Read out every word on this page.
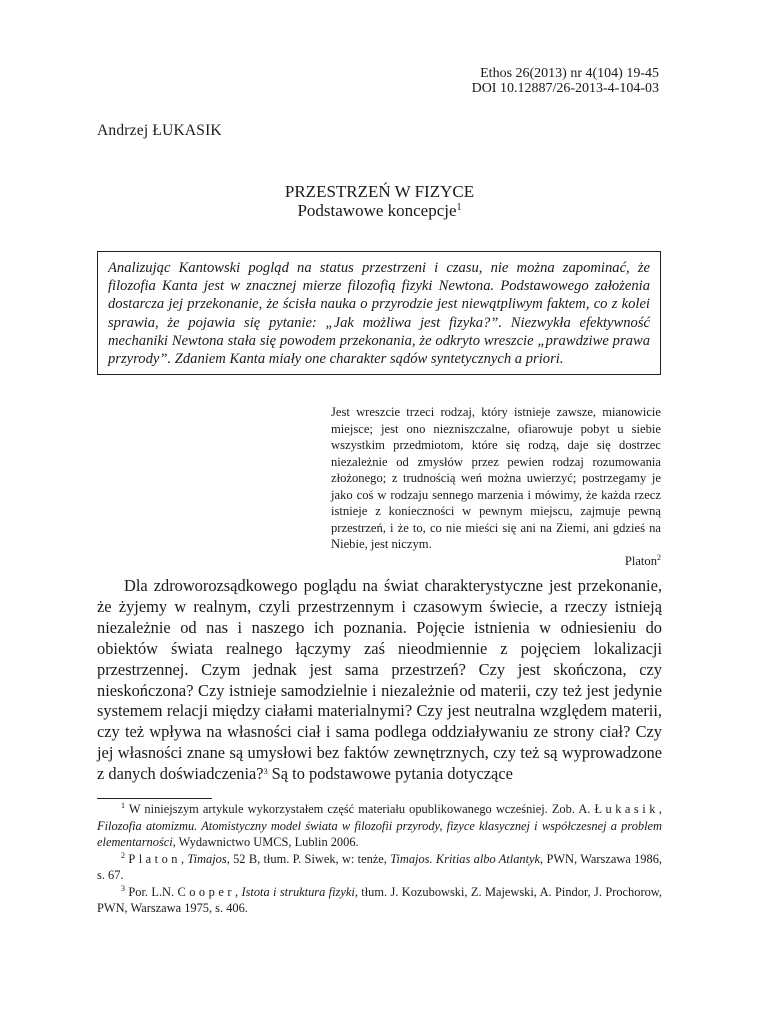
Ethos 26(2013) nr 4(104) 19-45
DOI 10.12887/26-2013-4-104-03
Andrzej ŁUKASIK
PRZESTRZEŃ W FIZYCE
Podstawowe koncepcje$^1$
Analizując Kantowski pogląd na status przestrzeni i czasu, nie można zapominać, że filozofia Kanta jest w znacznej mierze filozofią fizyki Newtona. Podstawowego założenia dostarcza jej przekonanie, że ścisła nauka o przyrodzie jest niewątpliwym faktem, co z kolei sprawia, że pojawia się pytanie: „Jak możliwa jest fizyka?”. Niezwykła efektywność mechaniki Newtona stała się powodem przekonania, że odkryto wreszcie „prawdziwe prawa przyrody”. Zdaniem Kanta miały one charakter sądów syntetycznych a priori.
Jest wreszcie trzeci rodzaj, który istnieje zawsze, mianowicie miejsce; jest ono niezniszczalne, ofiarowuje pobyt u siebie wszystkim przedmiotom, które się rodzą, daje się dostrzec niezależnie od zmysłów przez pewien rodzaj rozumowania złożonego; z trudnością weń można uwierzyć; postrzegamy je jako coś w rodzaju sennego marzenia i mówimy, że każda rzecz istnieje z konieczności w pewnym miejscu, zajmuje pewną przestrzeń, i że to, co nie mieści się ani na Ziemi, ani gdzieś na Niebie, jest niczym.
Platon$^2$

Dla zdroworozsądkowego poglądu na świat charakterystyczne jest przekonanie, że żyjemy w realnym, czyli przestrzennym i czasowym świecie, a rzeczy istnieją niezależnie od nas i naszego ich poznania. Pojęcie istnienia w odniesieniu do obiektów świata realnego łączymy zaś nieodmiennie z pojęciem lokalizacji przestrzennej. Czym jednak jest sama przestrzeń? Czy jest skończona, czy nieskończona? Czy istnieje samodzielnie i niezależnie od materii, czy też jest jedynie systemem relacji między ciałami materialnymi? Czy jest neutralna względem materii, czy też wpływa na własności ciał i sama podlega oddziaływaniu ze strony ciał? Czy jej własności znane są umysłowi bez faktów zewnętrznych, czy też są wyprowadzone z danych doświadczenia?$^3$ Są to podstawowe pytania dotyczące

$^1$ W niniejszym artykule wykorzystałem część materiału opublikowanego wcześniej. Zob. A. Łukasik, Filozofia atomizmu. Atomistyczny model świata w filozofii przyrody, fizyce klasycznej i współczesnej a problem elementarności, Wydawnictwo UMCS, Lublin 2006.

$^2$ Platon, Timajos, 52 B, tłum. P. Siwek, w: tenże, Timajos. Kritias albo Atlantyk, PWN, Warszawa 1986, s. 67.

$^3$ Por. L.N. Cooper, Istota i struktura fizyki, tłum. J. Kozubowski, Z. Majewski, A. Pindor, J. Prochorow, PWN, Warszawa 1975, s. 406.
